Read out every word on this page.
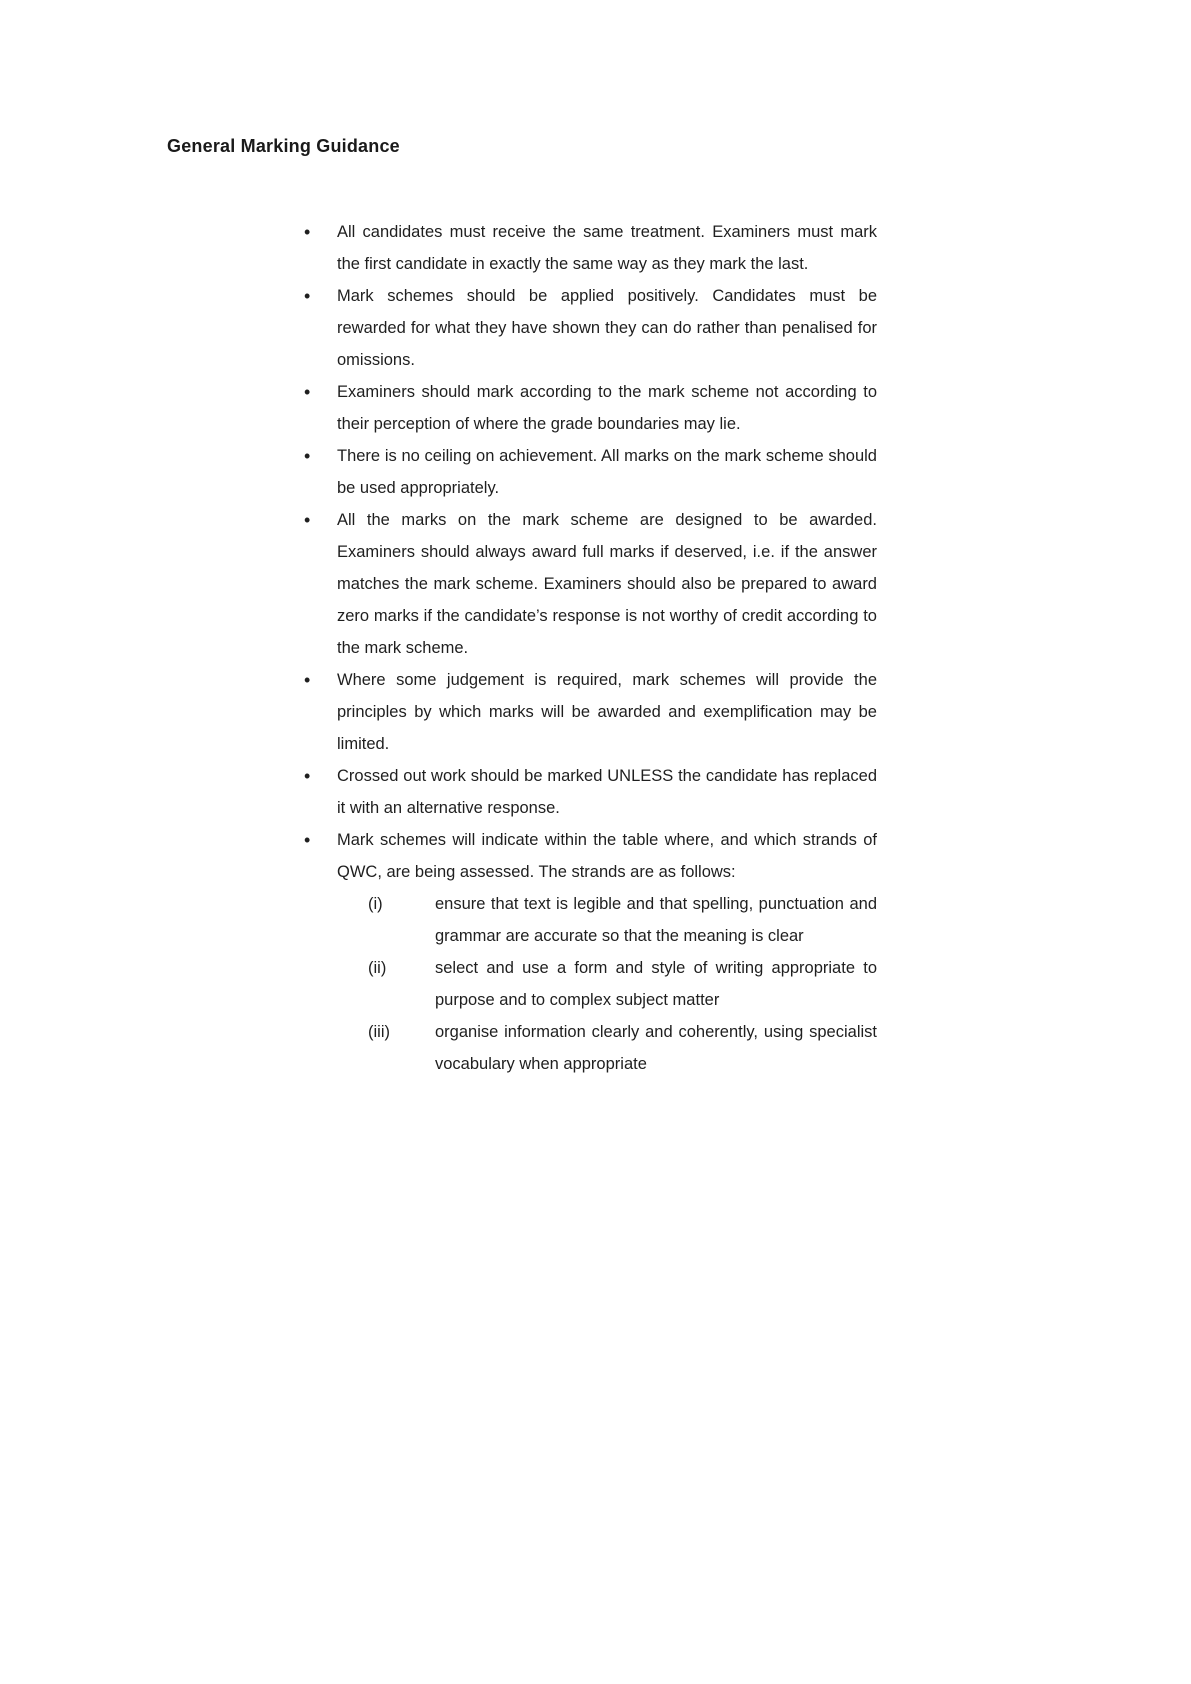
General Marking Guidance
• All candidates must receive the same treatment. Examiners must mark the first candidate in exactly the same way as they mark the last.
• Mark schemes should be applied positively. Candidates must be rewarded for what they have shown they can do rather than penalised for omissions.
• Examiners should mark according to the mark scheme not according to their perception of where the grade boundaries may lie.
• There is no ceiling on achievement. All marks on the mark scheme should be used appropriately.
• All the marks on the mark scheme are designed to be awarded. Examiners should always award full marks if deserved, i.e. if the answer matches the mark scheme. Examiners should also be prepared to award zero marks if the candidate’s response is not worthy of credit according to the mark scheme.
• Where some judgement is required, mark schemes will provide the principles by which marks will be awarded and exemplification may be limited.
• Crossed out work should be marked UNLESS the candidate has replaced it with an alternative response.
• Mark schemes will indicate within the table where, and which strands of QWC, are being assessed. The strands are as follows:
(i)	ensure that text is legible and that spelling, punctuation and grammar are accurate so that the meaning is clear
(ii)	select and use a form and style of writing appropriate to purpose and to complex subject matter
(iii)	organise information clearly and coherently, using specialist vocabulary when appropriate
